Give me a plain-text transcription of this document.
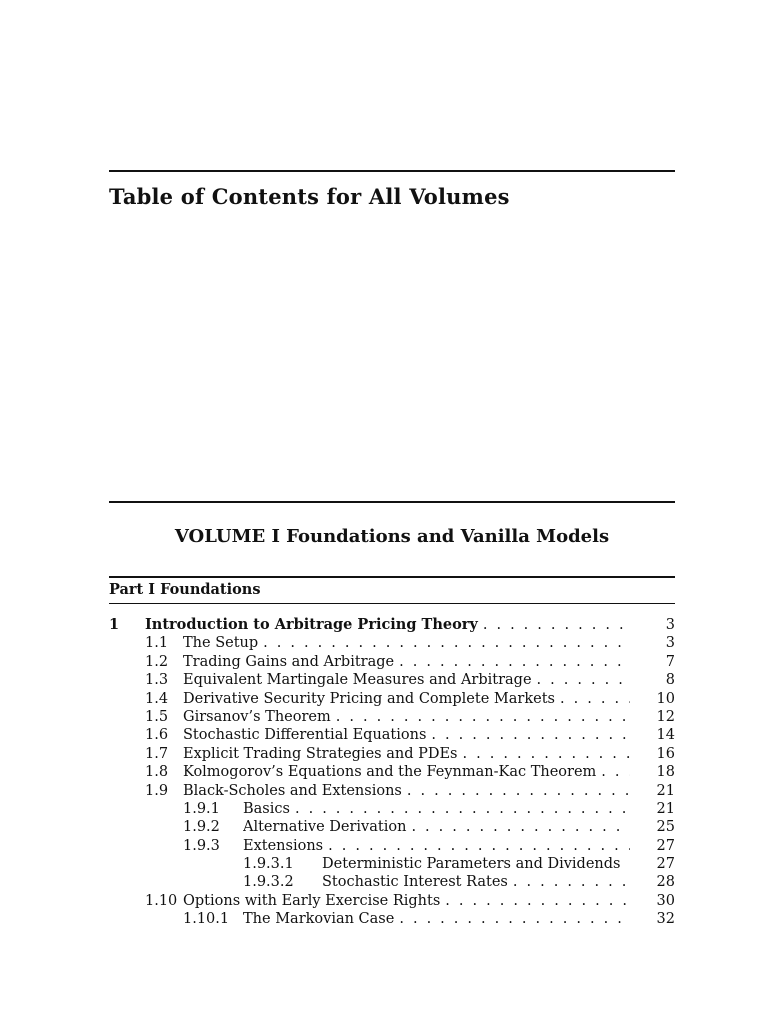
Table of Contents for All Volumes
VOLUME I Foundations and Vanilla Models
Part I Foundations
1 Introduction to Arbitrage Pricing Theory . . .	3
1.1 The Setup . . .	3
1.2 Trading Gains and Arbitrage . . .	7
1.3 Equivalent Martingale Measures and Arbitrage . . .	8
1.4 Derivative Security Pricing and Complete Markets . . .	10
1.5 Girsanov’s Theorem . . .	12
1.6 Stochastic Differential Equations . . .	14
1.7 Explicit Trading Strategies and PDEs . . .	16
1.8 Kolmogorov’s Equations and the Feynman-Kac Theorem . . .	18
1.9 Black-Scholes and Extensions . . .	21
1.9.1 Basics . . .	21
1.9.2 Alternative Derivation . . .	25
1.9.3 Extensions . . .	27
1.9.3.1 Deterministic Parameters and Dividends	27
1.9.3.2 Stochastic Interest Rates . . .	28
1.10 Options with Early Exercise Rights . . .	30
1.10.1 The Markovian Case . . .	32
